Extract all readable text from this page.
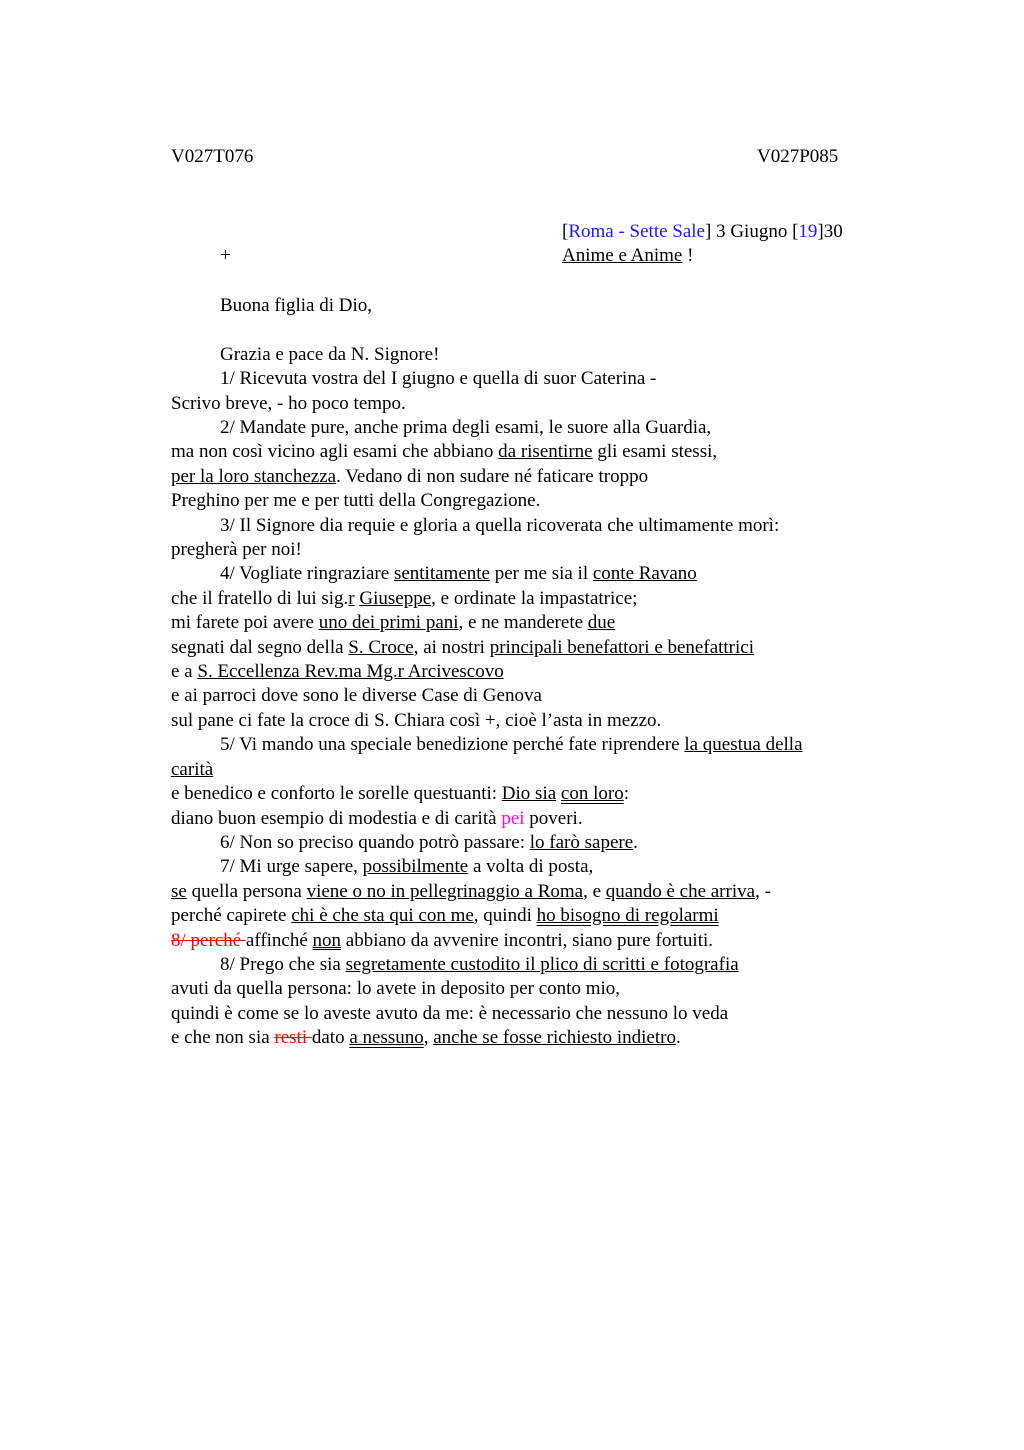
V027T076	V027P085
[Roma - Sette Sale] 3 Giugno [19]30
Anime e Anime !
+

Buona figlia di Dio,

Grazia e pace da N. Signore!

1/ Ricevuta vostra del I giugno e quella di suor Caterina -

Scrivo breve, - ho poco tempo.

2/ Mandate pure, anche prima degli esami, le suore alla Guardia,

ma non così vicino agli esami che abbiano da risentirne gli esami stessi,

per la loro stanchezza. Vedano di non sudare né faticare troppo

Preghino per me e per tutti della Congregazione.

3/ Il Signore dia requie e gloria a quella ricoverata che ultimamente morì:

pregherà per noi!

4/ Vogliate ringraziare sentitamente per me sia il conte Ravano

che il fratello di lui sig.r Giuseppe, e ordinate la impastatrice;

mi farete poi avere uno dei primi pani, e ne manderete due

segnati dal segno della S. Croce, ai nostri principali benefattori e benefattrici

e a S. Eccellenza Rev.ma Mg.r Arcivescovo

e ai parroci dove sono le diverse Case di Genova

sul pane ci fate la croce di S. Chiara così +, cioè l’asta in mezzo.

5/ Vi mando una speciale benedizione perché fate riprendere la questua della

carità

e benedico e conforto le sorelle questuanti: Dio sia con loro:

diano buon esempio di modestia e di carità pei poveri.

6/ Non so preciso quando potrò passare: lo farò sapere.

7/ Mi urge sapere, possibilmente a volta di posta,

se quella persona viene o no in pellegrinaggio a Roma, e quando è che arriva, -

perché capirete chi è che sta qui con me, quindi ho bisogno di regolarmi

8/ perché affinché non abbiano da avvenire incontri, siano pure fortuiti.

8/ Prego che sia segretamente custodito il plico di scritti e fotografia

avuti da quella persona: lo avete in deposito per conto mio,

quindi è come se lo aveste avuto da me: è necessario che nessuno lo veda

e che non sia resti dato a nessuno, anche se fosse richiesto indietro.
